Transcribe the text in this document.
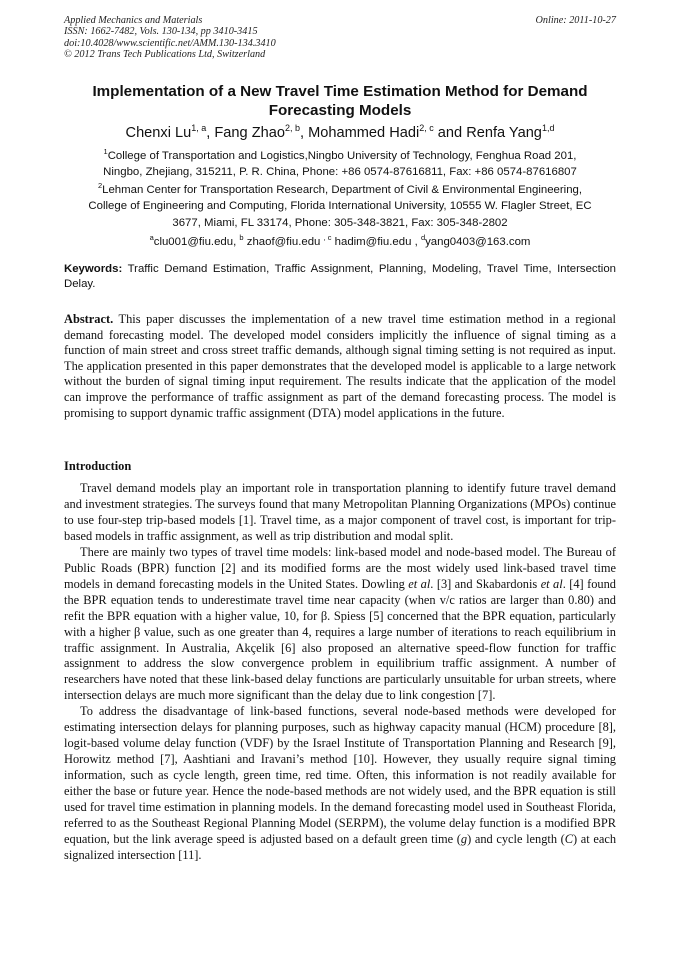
Applied Mechanics and Materials
ISSN: 1662-7482, Vols. 130-134, pp 3410-3415
doi:10.4028/www.scientific.net/AMM.130-134.3410
© 2012 Trans Tech Publications Ltd, Switzerland
Online: 2011-10-27
Implementation of a New Travel Time Estimation Method for Demand
Forecasting Models
Chenxi Lu$^{1, a}$, Fang Zhao$^{2, b}$, Mohammed Hadi$^{2, c}$ and Renfa Yang$^{1,d}$
$^1$College of Transportation and Logistics,Ningbo University of Technology, Fenghua Road 201,
Ningbo, Zhejiang, 315211, P. R. China, Phone: +86 0574-87616811, Fax: +86 0574-87616807
$^2$Lehman Center for Transportation Research, Department of Civil & Environmental Engineering,
College of Engineering and Computing, Florida International University, 10555 W. Flagler Street, EC
3677, Miami, FL 33174, Phone: 305-348-3821, Fax: 305-348-2802
$^a$clu001@fiu.edu, $^b$ zhaof@fiu.edu $^{, c}$ hadim@fiu.edu , $^d$yang0403@163.com
Keywords: Traffic Demand Estimation, Traffic Assignment, Planning, Modeling, Travel Time, Intersection Delay.
Abstract. This paper discusses the implementation of a new travel time estimation method in a regional demand forecasting model. The developed model considers implicitly the influence of signal timing as a function of main street and cross street traffic demands, although signal timing setting is not required as input. The application presented in this paper demonstrates that the developed model is applicable to a large network without the burden of signal timing input requirement. The results indicate that the application of the model can improve the performance of traffic assignment as part of the demand forecasting process. The model is promising to support dynamic traffic assignment (DTA) model applications in the future.
Introduction

Travel demand models play an important role in transportation planning to identify future travel demand and investment strategies. The surveys found that many Metropolitan Planning Organizations (MPOs) continue to use four-step trip-based models [1]. Travel time, as a major component of travel cost, is important for trip-based models in traffic assignment, as well as trip distribution and modal split.

There are mainly two types of travel time models: link-based model and node-based model. The Bureau of Public Roads (BPR) function [2] and its modified forms are the most widely used link-based travel time models in demand forecasting models in the United States. Dowling et al. [3] and Skabardonis et al. [4] found the BPR equation tends to underestimate travel time near capacity (when v/c ratios are larger than 0.80) and refit the BPR equation with a higher value, 10, for β. Spiess [5] concerned that the BPR equation, particularly with a higher β value, such as one greater than 4, requires a large number of iterations to reach equilibrium in traffic assignment. In Australia, Akçelik [6] also proposed an alternative speed-flow function for traffic assignment to address the slow convergence problem in equilibrium traffic assignment. A number of researchers have noted that these link-based delay functions are particularly unsuitable for urban streets, where intersection delays are much more significant than the delay due to link congestion [7].

To address the disadvantage of link-based functions, several node-based methods were developed for estimating intersection delays for planning purposes, such as highway capacity manual (HCM) procedure [8], logit-based volume delay function (VDF) by the Israel Institute of Transportation Planning and Research [9], Horowitz method [7], Aashtiani and Iravani’s method [10]. However, they usually require signal timing information, such as cycle length, green time, red time. Often, this information is not readily available for either the base or future year. Hence the node-based methods are not widely used, and the BPR equation is still used for travel time estimation in planning models. In the demand forecasting model used in Southeast Florida, referred to as the Southeast Regional Planning Model (SERPM), the volume delay function is a modified BPR equation, but the link average speed is adjusted based on a default green time (g) and cycle length (C) at each signalized intersection [11].
